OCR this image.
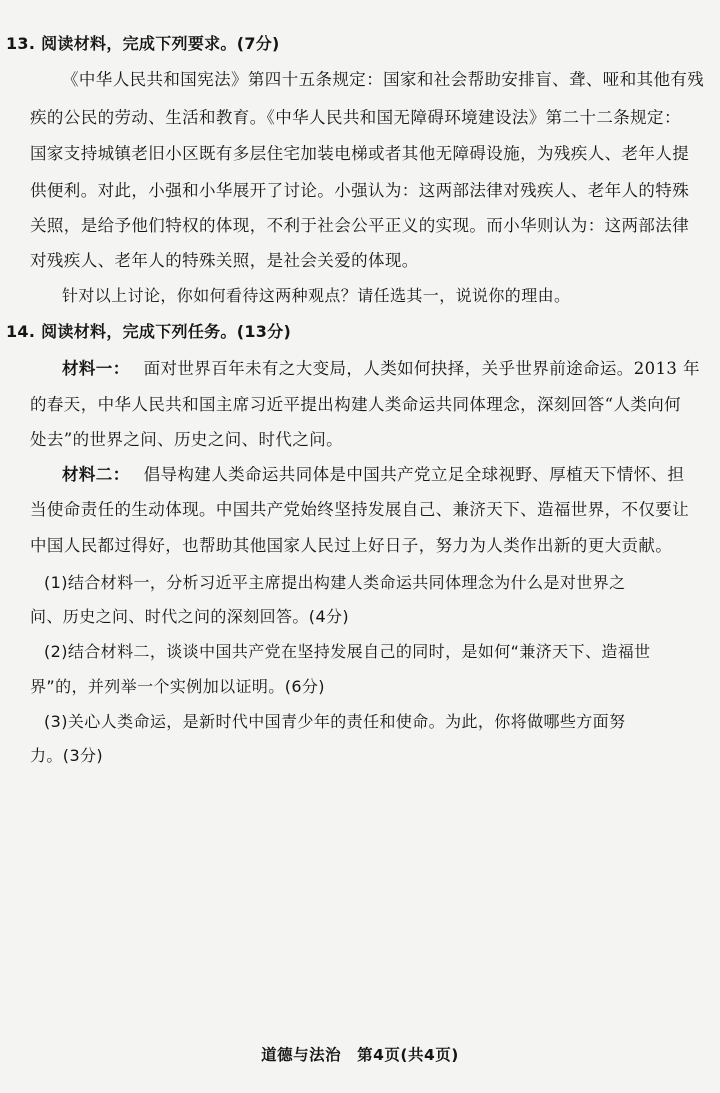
13. 阅读材料，完成下列要求。(7分)
《中华人民共和国宪法》第四十五条规定：国家和社会帮助安排盲、聋、哑和其他有残
疾的公民的劳动、生活和教育。《中华人民共和国无障碍环境建设法》第二十二条规定：
国家支持城镇老旧小区既有多层住宅加装电梯或者其他无障碍设施，为残疾人、老年人提
供便利。对此，小强和小华展开了讨论。小强认为：这两部法律对残疾人、老年人的特殊
关照，是给予他们特权的体现，不利于社会公平正义的实现。而小华则认为：这两部法律
对残疾人、老年人的特殊关照，是社会关爱的体现。
针对以上讨论，你如何看待这两种观点？请任选其一，说说你的理由。
14. 阅读材料，完成下列任务。(13分)
材料一： 面对世界百年未有之大变局，人类如何抉择，关乎世界前途命运。2013 年
的春天，中华人民共和国主席习近平提出构建人类命运共同体理念，深刻回答“人类向何
处去”的世界之问、历史之问、时代之问。
材料二： 倡导构建人类命运共同体是中国共产党立足全球视野、厚植天下情怀、担
当使命责任的生动体现。中国共产党始终坚持发展自己、兼济天下、造福世界，不仅要让
中国人民都过得好，也帮助其他国家人民过上好日子，努力为人类作出新的更大贡献。
(1)结合材料一，分析习近平主席提出构建人类命运共同体理念为什么是对世界之
问、历史之问、时代之问的深刻回答。(4分)
(2)结合材料二，谈谈中国共产党在坚持发展自己的同时，是如何“兼济天下、造福世
界”的，并列举一个实例加以证明。(6分)
(3)关心人类命运，是新时代中国青少年的责任和使命。为此，你将做哪些方面努
力。(3分)
道德与法治　第4页(共4页)
